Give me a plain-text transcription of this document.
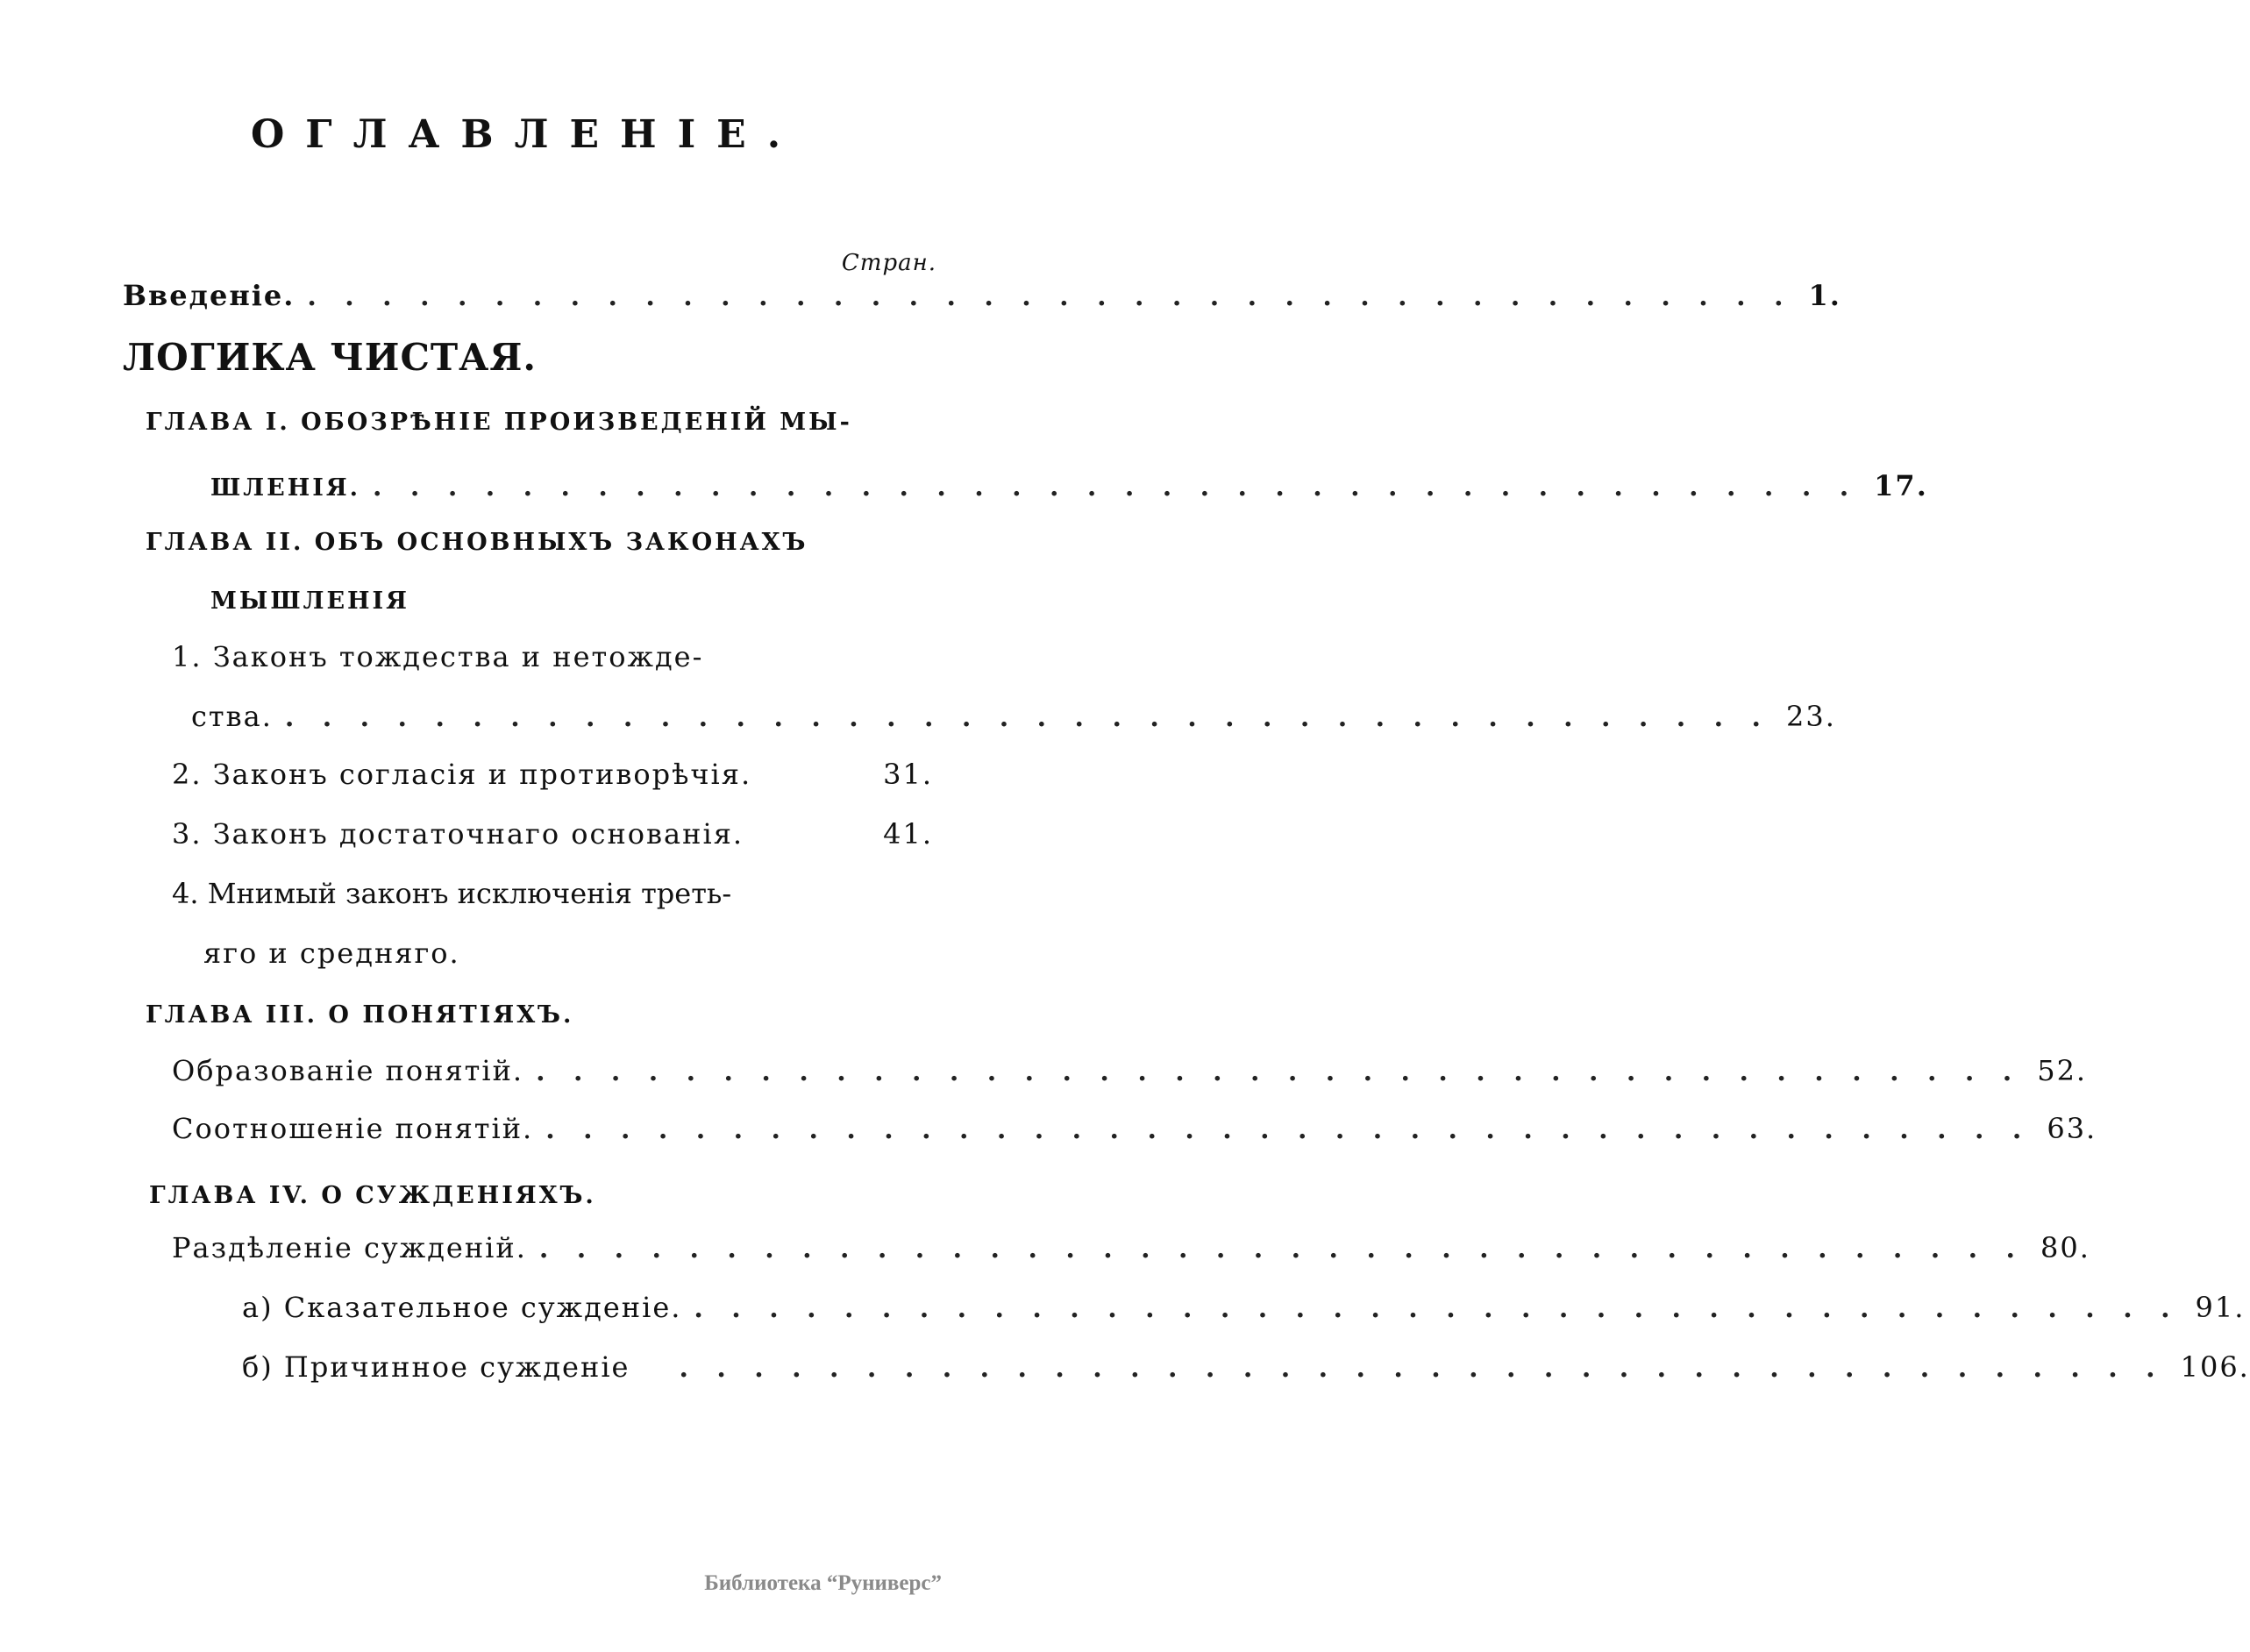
ОГЛАВЛЕНIЕ.
Стран.
Введенiе. . . . . . . . . . . . . . . . . . . . . . . . . . . . . . . . . . . . . . . . . 1.
ЛОГИКА ЧИСТАЯ.
ГЛАВА I. ОБОЗРѢНIЕ ПРОИЗВЕДЕНIЙ МЫ-
ШЛЕНIЯ. . . . . . . . . . . . . . . . . . . . . . . . . . . . . . . . . . . . . . . . . 17.
ГЛАВА II. ОБЪ ОСНОВНЫХЪ ЗАКОНАХЪ
МЫШЛЕНIЯ
1. Законъ тождества и нетожде-
ства. . . . . . . . . . . . . . . . . . . . . . . . . . . . . . . . . . . . . . . . . 23.
2. Законъ согласiя и противорѣчiя.	31.
3. Законъ достаточнаго основанiя.	41.
4. Мнимый законъ исключенiя треть-
яго и средняго.
ГЛАВА III. О ПОНЯТIЯХЪ.
Образованiе понятiй. . . . . . . . . . . . . . . . . . . . . . . . . . . . . . . . . . . . . . . . . 52.
Соотношенiе понятiй. . . . . . . . . . . . . . . . . . . . . . . . . . . . . . . . . . . . . . . . . 63.
ГЛАВА IV. О СУЖДЕНIЯХЪ.
Раздѣленiе сужденiй. . . . . . . . . . . . . . . . . . . . . . . . . . . . . . . . . . . . . . . . . 80.
а) Сказательное сужденiе. . . . . . . . . . . . . . . . . . . . . . . . . . . . . . . . . . . . . . . . . 91.
б) Причинное сужденiе . . . . . . . . . . . . . . . . . . . . . . . . . . . . . . . . . . . . . . . . 106.
Библиотека “Руниверс”
